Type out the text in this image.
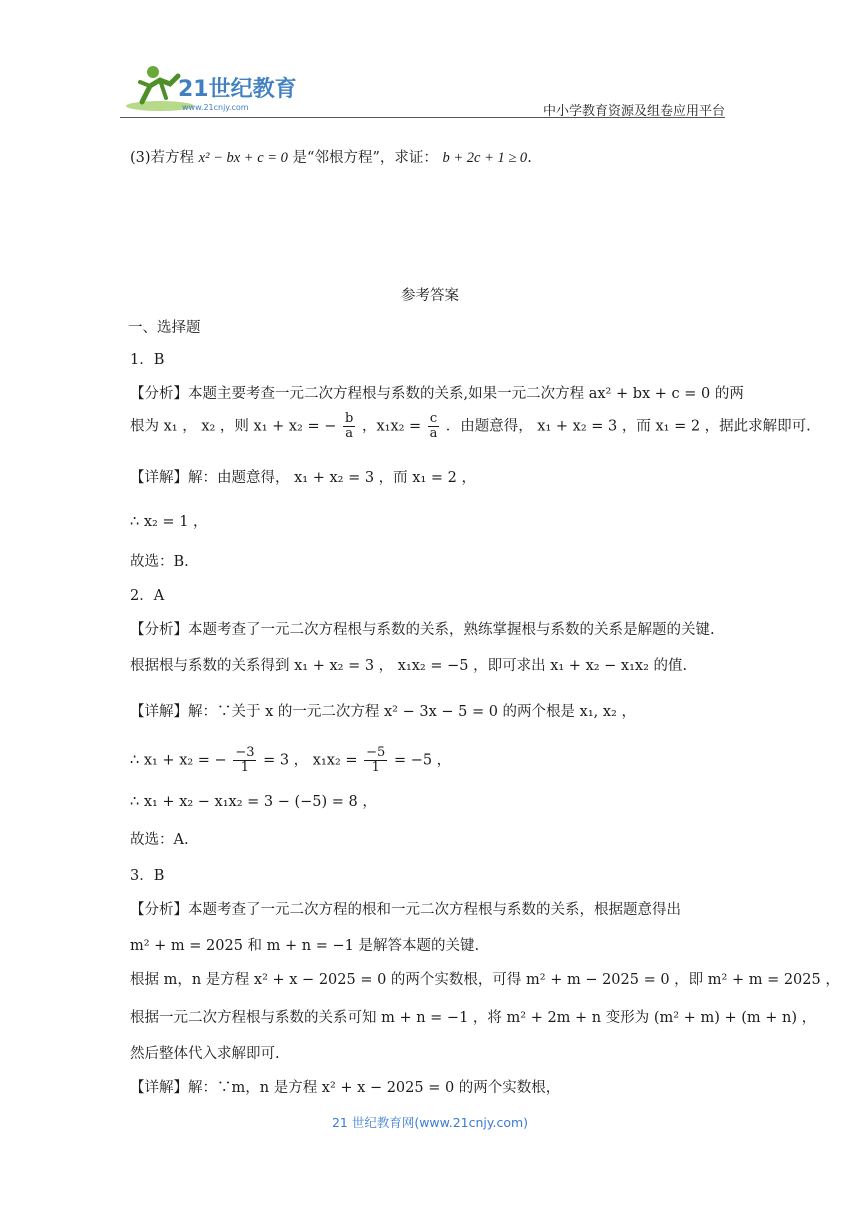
21世纪教育
www.21cnjy.com	中小学教育资源及组卷应用平台
(3)若方程 x² − bx + c = 0 是“邻根方程”，求证： b + 2c + 1 ≥ 0.
参考答案
一、选择题
1．B
【分析】本题主要考查一元二次方程根与系数的关系,如果一元二次方程 ax² + bx + c = 0 的两
根为 x₁ ， x₂ ，则 x₁ + x₂ = − $\frac{b}{a}$ ，$x_1x_2 = \frac{c}{a}$ ．由题意得， x₁ + x₂ = 3 ，而 x₁ = 2 ，据此求解即可.
【详解】解：由题意得， x₁ + x₂ = 3 ，而 x₁ = 2 ，
∴ x₂ = 1 ，
故选：B.
2．A
【分析】本题考查了一元二次方程根与系数的关系，熟练掌握根与系数的关系是解题的关键.
根据根与系数的关系得到 x₁ + x₂ = 3 ， x₁x₂ = −5 ，即可求出 x₁ + x₂ − x₁x₂ 的值.
【详解】解：∵关于 x 的一元二次方程 x² − 3x − 5 = 0 的两个根是 x₁, x₂ ，
∴ x₁ + x₂ = − $\frac{-3}{1} = 3$ ， $x_1x_2 = \frac{-5}{1} = -5$ ，
∴ x₁ + x₂ − x₁x₂ = 3 − (−5) = 8 ，
故选：A.
3．B
【分析】本题考查了一元二次方程的根和一元二次方程根与系数的关系，根据题意得出
m² + m = 2025 和 m + n = −1 是解答本题的关键.
根据 m，n 是方程 x² + x − 2025 = 0 的两个实数根，可得 m² + m − 2025 = 0 ，即 m² + m = 2025 ，
根据一元二次方程根与系数的关系可知 m + n = −1 ，将 m² + 2m + n 变形为 (m² + m) + (m + n) ，
然后整体代入求解即可.
【详解】解：∵m，n 是方程 x² + x − 2025 = 0 的两个实数根，
21 世纪教育网(www.21cnjy.com)
